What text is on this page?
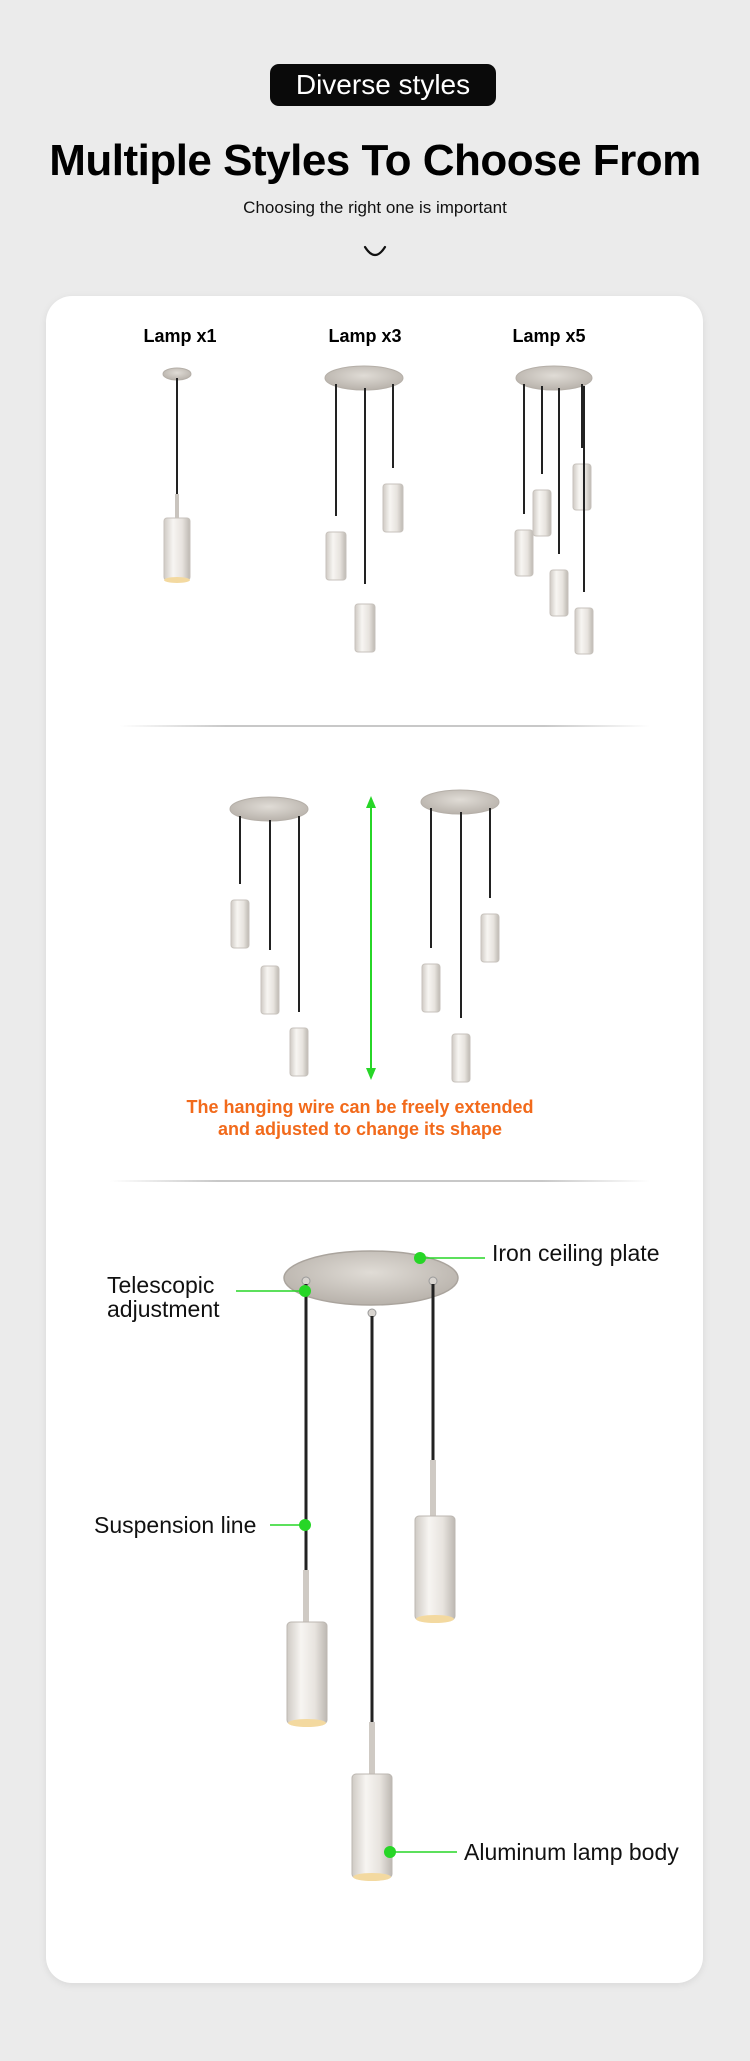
Diverse styles
Multiple Styles To Choose From
Choosing the right one is important
Lamp x1	Lamp x3	Lamp x5
The hanging wire can be freely extended
and adjusted to change its shape
Iron ceiling plate
Telescopic
adjustment
Suspension line
Aluminum lamp body
